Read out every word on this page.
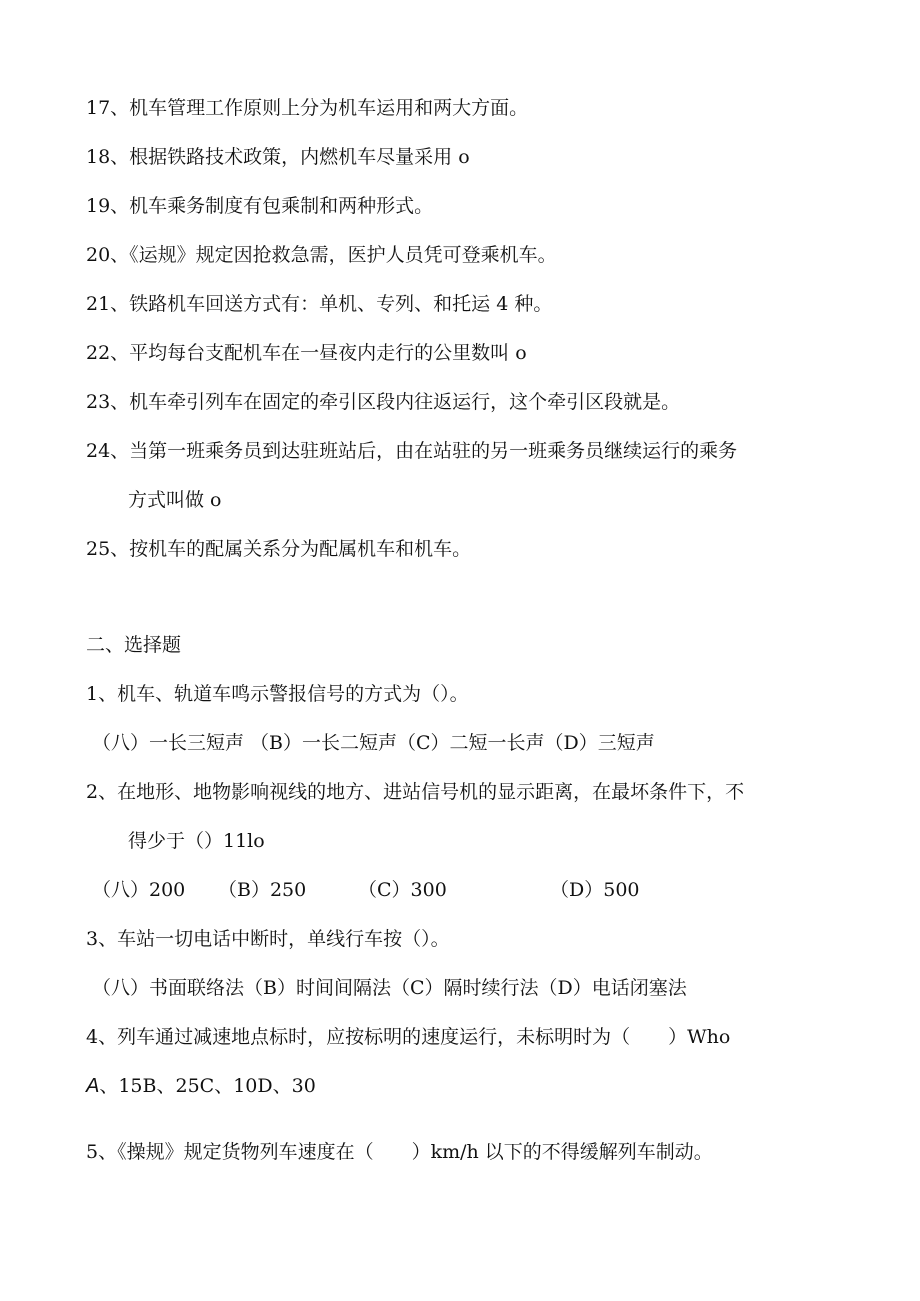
17、机车管理工作原则上分为机车运用和两大方面。
18、根据铁路技术政策，内燃机车尽量采用 o
19、机车乘务制度有包乘制和两种形式。
20、《运规》规定因抢救急需，医护人员凭可登乘机车。
21、铁路机车回送方式有：单机、专列、和托运 4 种。
22、平均每台支配机车在一昼夜内走行的公里数叫 o
23、机车牵引列车在固定的牵引区段内往返运行，这个牵引区段就是。
24、当第一班乘务员到达驻班站后，由在站驻的另一班乘务员继续运行的乘务
方式叫做 o
25、按机车的配属关系分为配属机车和机车。
二、选择题
1、机车、轨道车鸣示警报信号的方式为（）。
（八）一长三短声 （B）一长二短声（C）二短一长声（D）三短声
2、在地形、地物影响视线的地方、进站信号机的显示距离，在最坏条件下，不
得少于（）11lo
（八）200 （B）250	（C）300	（D）500
3、车站一切电话中断时，单线行车按（）。
（八）书面联络法（B）时间间隔法（C）隔时续行法（D）电话闭塞法
4、列车通过减速地点标时，应按标明的速度运行，未标明时为（　　）Who
A、15B、25C、10D、30
5、《操规》规定货物列车速度在（　　）km/h 以下的不得缓解列车制动。
